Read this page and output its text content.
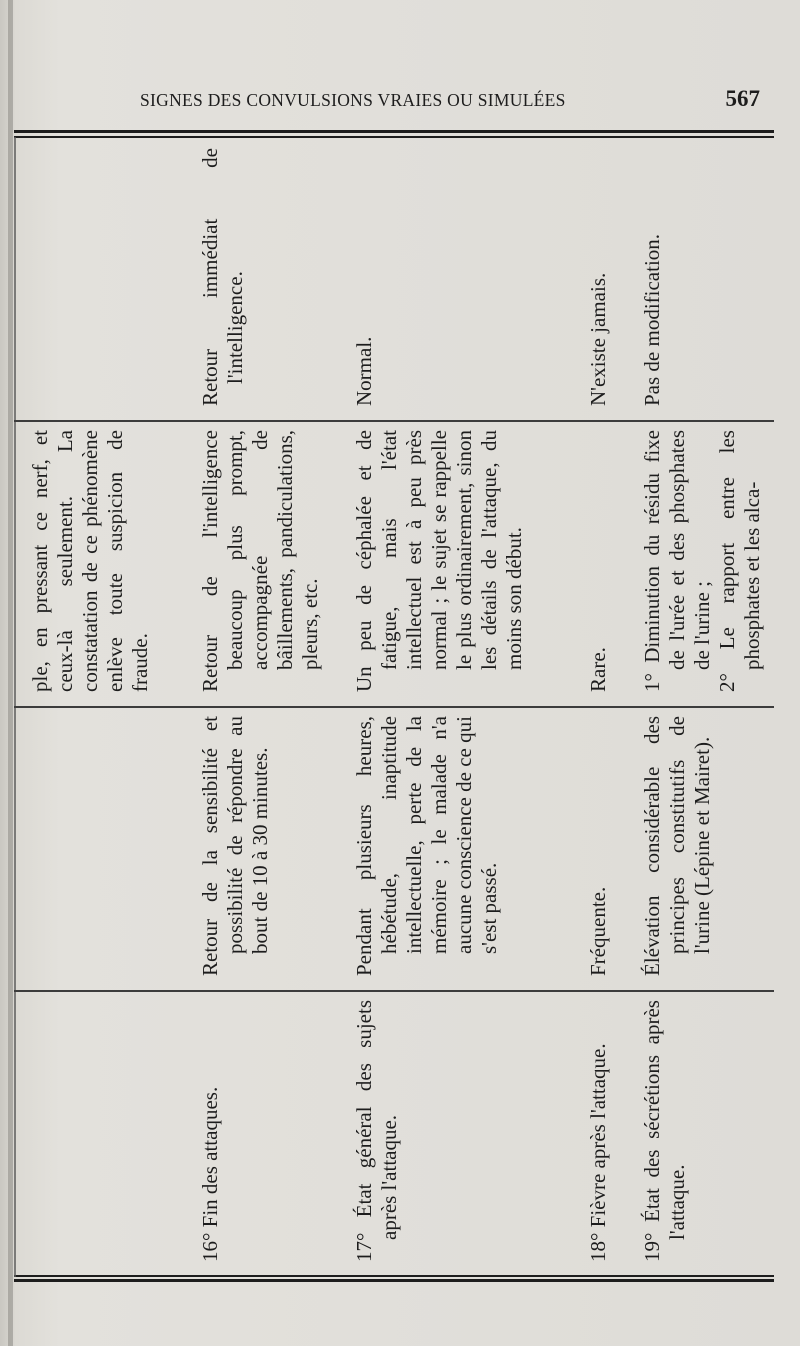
SIGNES DES CONVULSIONS VRAIES OU SIMULÉES	567
ple, en pressant ce nerf, et ceux-là seulement. La constatation de ce phénomène enlève toute suspicion de fraude.
16° Fin des attaques.
Retour de la sensibilité et possibilité de répondre au bout de 10 à 30 minutes.
Retour de l'intelligence beaucoup plus prompt, accompagnée de bâillements, pandiculations, pleurs, etc.
Retour immédiat de l'intelligence.
17° État général des sujets après l'attaque.
Pendant plusieurs heures, hébétude, inaptitude intellectuelle, perte de la mémoire ; le malade n'a aucune conscience de ce qui s'est passé.
Un peu de céphalée et de fatigue, mais l'état intellectuel est à peu près normal ; le sujet se rappelle le plus ordinairement, sinon les détails de l'attaque, du moins son début.
Normal.
18° Fièvre après l'attaque.
Fréquente.
Rare.
N'existe jamais.
19° État des sécrétions après l'attaque.
Élévation considérable des principes constitutifs de l'urine (Lépine et Mairet).
1° Diminution du résidu fixe de l'urée et des phosphates de l'urine ; 2° Le rapport entre les phosphates et les alca-
Pas de modification.
